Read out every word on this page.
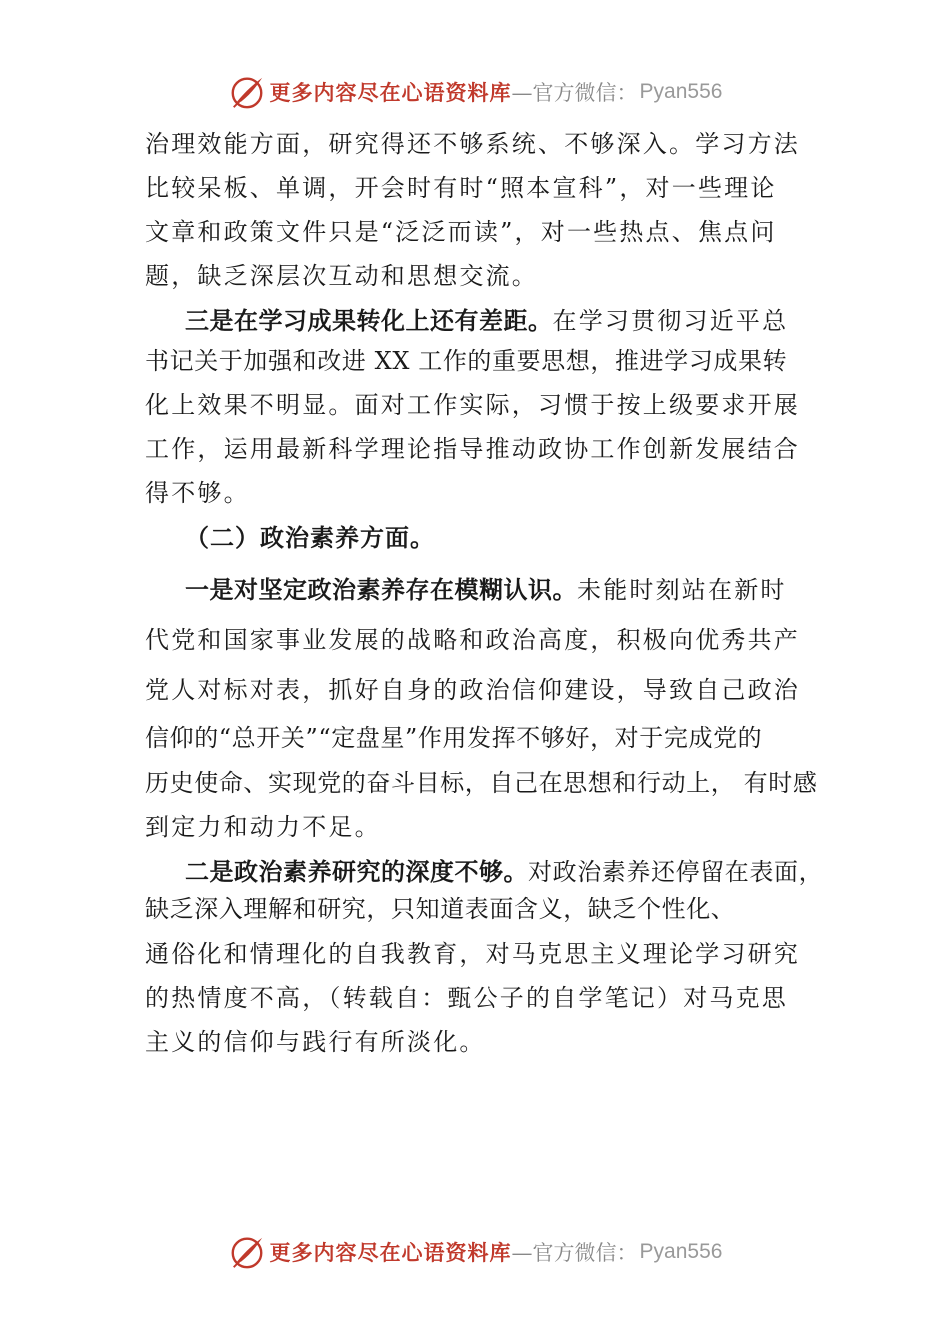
更多内容尽在心语资料库 —官方微信： Pyan556
治理效能方面，研究得还不够系统、不够深入。学习方法
比较呆板、单调，开会时有时“照本宣科”，对一些理论
文章和政策文件只是“泛泛而读”，对一些热点、焦点问
题，缺乏深层次互动和思想交流。
三是在学习成果转化上还有差距。在学习贯彻习近平总
书记关于加强和改进 XX 工作的重要思想，推进学习成果转
化上效果不明显。面对工作实际，习惯于按上级要求开展
工作，运用最新科学理论指导推动政协工作创新发展结合
得不够。
（二）政治素养方面。
一是对坚定政治素养存在模糊认识。未能时刻站在新时
代党和国家事业发展的战略和政治高度，积极向优秀共产
党人对标对表，抓好自身的政治信仰建设，导致自己政治
信仰的“总开关”“定盘星”作用发挥不够好，对于完成党的
历史使命、实现党的奋斗目标，自己在思想和行动上， 有时感
到定力和动力不足。
二是政治素养研究的深度不够。对政治素养还停留在表面，
缺乏深入理解和研究，只知道表面含义，缺乏个性化、
通俗化和情理化的自我教育，对马克思主义理论学习研究
的热情度不高，（转载自：甄公子的自学笔记）对马克思
主义的信仰与践行有所淡化。
更多内容尽在心语资料库 —官方微信： Pyan556
